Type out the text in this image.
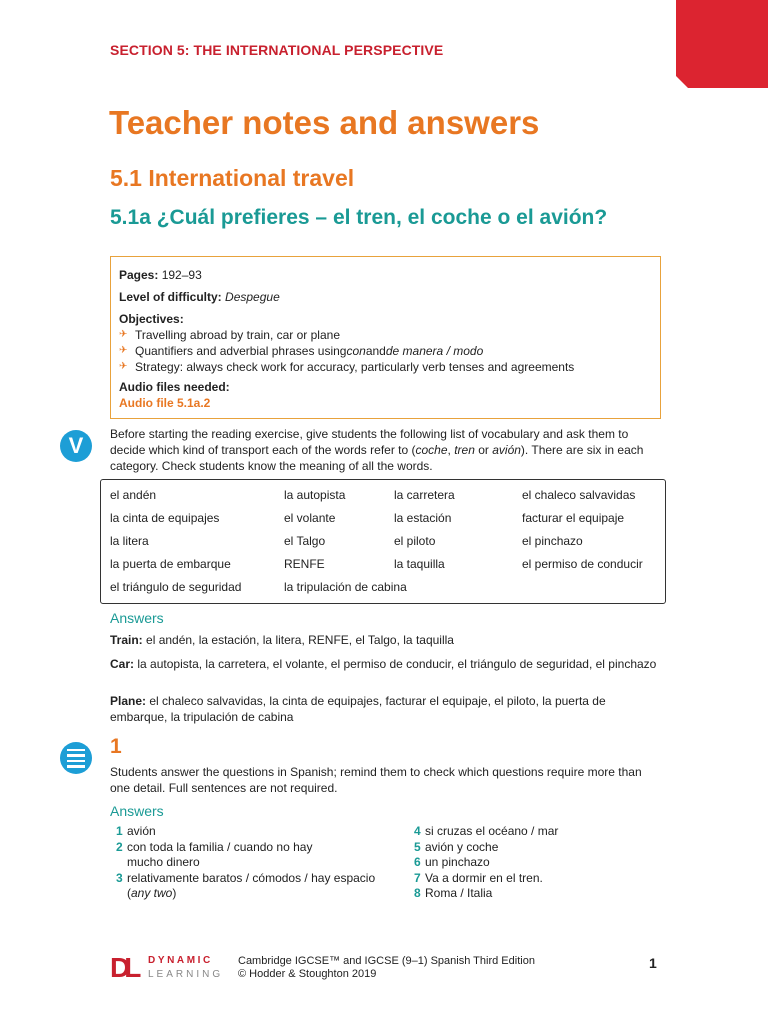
SECTION 5: THE INTERNATIONAL PERSPECTIVE
Teacher notes and answers
5.1 International travel
5.1a ¿Cuál prefieres – el tren, el coche o el avión?
Pages: 192–93
Level of difficulty: Despegue
Objectives:
✈ Travelling abroad by train, car or plane
✈ Quantifiers and adverbial phrases using con and de manera / modo
✈ Strategy: always check work for accuracy, particularly verb tenses and agreements
Audio files needed:
Audio file 5.1a.2
V	Before starting the reading exercise, give students the following list of vocabulary and ask them to decide which kind of transport each of the words refer to (coche, tren or avión). There are six in each category. Check students know the meaning of all the words.

el andén	la autopista	la carretera	el chaleco salvavidas
la cinta de equipajes	el volante	la estación	facturar el equipaje
la litera	el Talgo	el piloto	el pinchazo
la puerta de embarque	RENFE	la taquilla	el permiso de conducir
el triángulo de seguridad	la tripulación de cabina
Answers

Train: el andén, la estación, la litera, RENFE, el Talgo, la taquilla

Car: la autopista, la carretera, el volante, el permiso de conducir, el triángulo de seguridad, el pinchazo

Plane: el chaleco salvavidas, la cinta de equipajes, facturar el equipaje, el piloto, la puerta de embarque, la tripulación de cabina

1

Students answer the questions in Spanish; remind them to check which questions require more than one detail. Full sentences are not required.

Answers
1 avión
2 con toda la familia / cuando no hay mucho dinero
3 relativamente baratos / cómodos / hay espacio (any two)
4 si cruzas el océano / mar
5 avión y coche
6 un pinchazo
7 Va a dormir en el tren.
8 Roma / Italia
DL DYNAMIC
LEARNING
Cambridge IGCSE™ and IGCSE (9–1) Spanish Third Edition
© Hodder & Stoughton 2019
1
